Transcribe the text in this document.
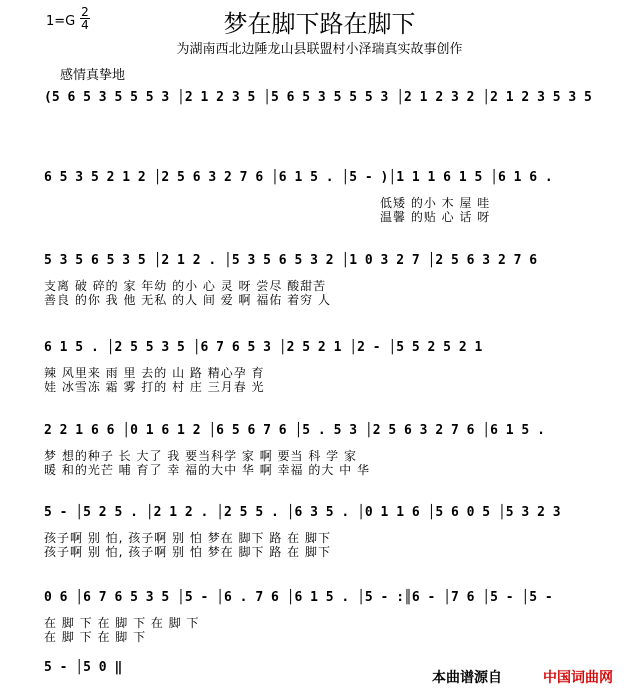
$1=G \frac{2}{4}$	梦在脚下路在脚下
为湖南西北边陲龙山县联盟村小泽瑞真实故事创作
感情真挚地
(5 6 5 3 5 5 5 3 │2 1 2 3 5 │5 6 5 3 5 5 5 3 │2 1 2 3 2 │2 1 2 3 5 3 5
6 5 3 5 2 1 2 │2 5 6 3 2 7 6 │6 1 5 . │5 - )│1 1 1 6 1 5 │6 1 6 .
低矮 的小 木 屋 哇
温馨 的贴 心 话 呀
5 3 5 6 5 3 5 │2 1 2 . │5 3 5 6 5 3 2 │1 0 3 2 7 │2 5 6 3 2 7 6
支离 破 碎的 家 年幼 的小 心 灵 呀 尝尽 酸甜苦
善良 的你 我 他 无私 的人 间 爱 啊 福佑 着穷 人
6 1 5 . │2 5 5 3 5 │6 7 6 5 3 │2 5 2 1 │2 - │5 5 2 5 2 1
辣 风里来 雨 里 去的 山 路 精心孕 育
娃 冰雪冻 霜 雾 打的 村 庄 三月春 光
2 2 1 6 6 │0 1 6 1 2 │6 5 6 7 6 │5 . 5 3 │2 5 6 3 2 7 6 │6 1 5 .
梦 想的种子 长 大了 我 要当科学 家 啊 要当 科 学 家
暖 和的光芒 哺 育了 幸 福的大中 华 啊 幸福 的大 中 华
5 - │5 2 5 . │2 1 2 . │2 5 5 . │6 3 5 . │0 1 1 6 │5 6 0 5 │5 3 2 3
孩子啊 别 怕, 孩子啊 别 怕 梦在 脚下 路 在 脚下
孩子啊 别 怕, 孩子啊 别 怕 梦在 脚下 路 在 脚下
0 6 │6 7 6 5 3 5 │5 - │6 . 7 6 │6 1 5 . │5 - :║6 - │7 6 │5 - │5 -
在 脚 下 在 脚 下 在 脚 下
在 脚 下 在 脚 下
5 - │5 0 ‖
本曲谱源自	中国词曲网
